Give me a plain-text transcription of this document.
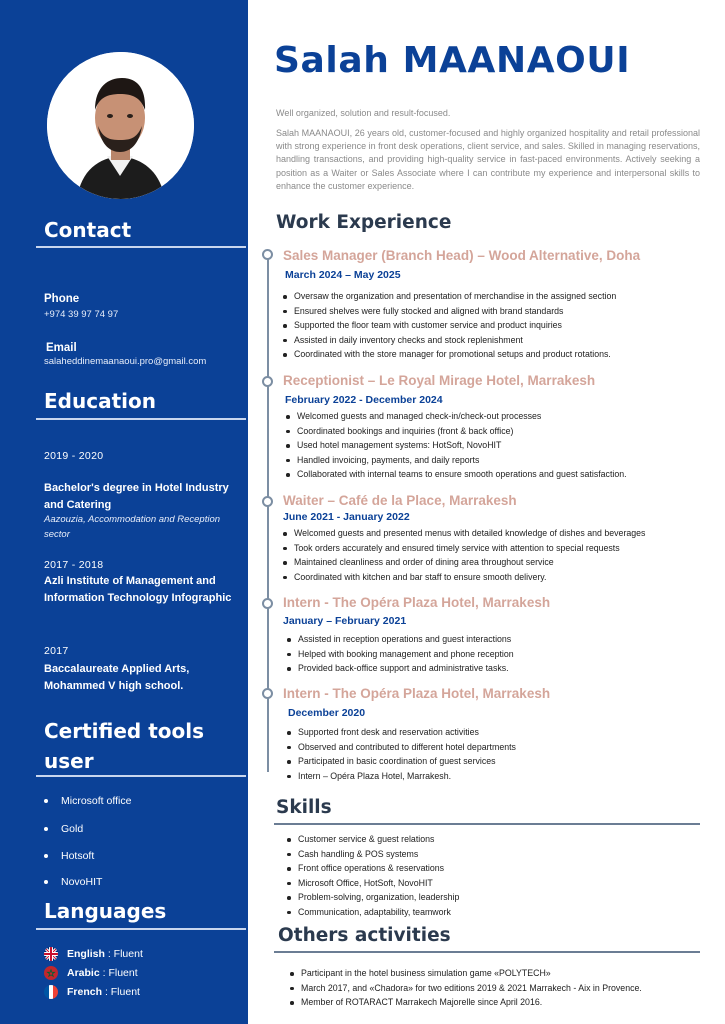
Contact
Phone
+974 39 97 74 97
Email
salaheddinemaanaoui.pro@gmail.com
Education
2019 - 2020
Bachelor's degree in Hotel Industry and Catering
Aazouzia, Accommodation and Reception sector
2017 - 2018
Azli Institute of Management and Information Technology Infographic
2017
Baccalaureate Applied Arts, Mohammed V high school.
Certified tools user
Microsoft office
Gold
Hotsoft
NovoHIT
Languages
English
: Fluent
Arabic
: Fluent
French
: Fluent
Salah MAANAOUI
Well organized, solution and result-focused.
Salah MAANAOUI, 26 years old, customer-focused and highly organized hospitality and retail professional with strong experience in front desk operations, client service, and sales. Skilled in managing reservations, handling transactions, and providing high-quality service in fast-paced environments. Actively seeking a position as a Waiter or Sales Associate where I can contribute my experience and interpersonal skills to enhance the customer experience.
Work Experience
Sales Manager (Branch Head) – Wood Alternative, Doha
March 2024 – May 2025
Oversaw the organization and presentation of merchandise in the assigned section
Ensured shelves were fully stocked and aligned with brand standards
Supported the floor team with customer service and product inquiries
Assisted in daily inventory checks and stock replenishment
Coordinated with the store manager for promotional setups and product rotations.
Receptionist – Le Royal Mirage Hotel, Marrakesh
February 2022 - December 2024
Welcomed guests and managed check-in/check-out processes
Coordinated bookings and inquiries (front & back office)
Used hotel management systems: HotSoft, NovoHIT
Handled invoicing, payments, and daily reports
Collaborated with internal teams to ensure smooth operations and guest satisfaction.
Waiter – Café de la Place, Marrakesh
June 2021 - January 2022
Welcomed guests and presented menus with detailed knowledge of dishes and beverages
Took orders accurately and ensured timely service with attention to special requests
Maintained cleanliness and order of dining area throughout service
Coordinated with kitchen and bar staff to ensure smooth delivery.
Intern - The Opéra Plaza Hotel, Marrakesh
January – February 2021
Assisted in reception operations and guest interactions
Helped with booking management and phone reception
Provided back-office support and administrative tasks.
Intern - The Opéra Plaza Hotel, Marrakesh
December 2020
Supported front desk and reservation activities
Observed and contributed to different hotel departments
Participated in basic coordination of guest services
Intern – Opéra Plaza Hotel, Marrakesh.
Skills
Customer service & guest relations
Cash handling & POS systems
Front office operations & reservations
Microsoft Office, HotSoft, NovoHIT
Problem-solving, organization, leadership
Communication, adaptability, teamwork
Others activities
Participant in the hotel business simulation game «POLYTECH»
March 2017, and «Chadora» for two editions 2019 & 2021 Marrakech - Aix in Provence.
Member of ROTARACT Marrakech Majorelle since April 2016.
